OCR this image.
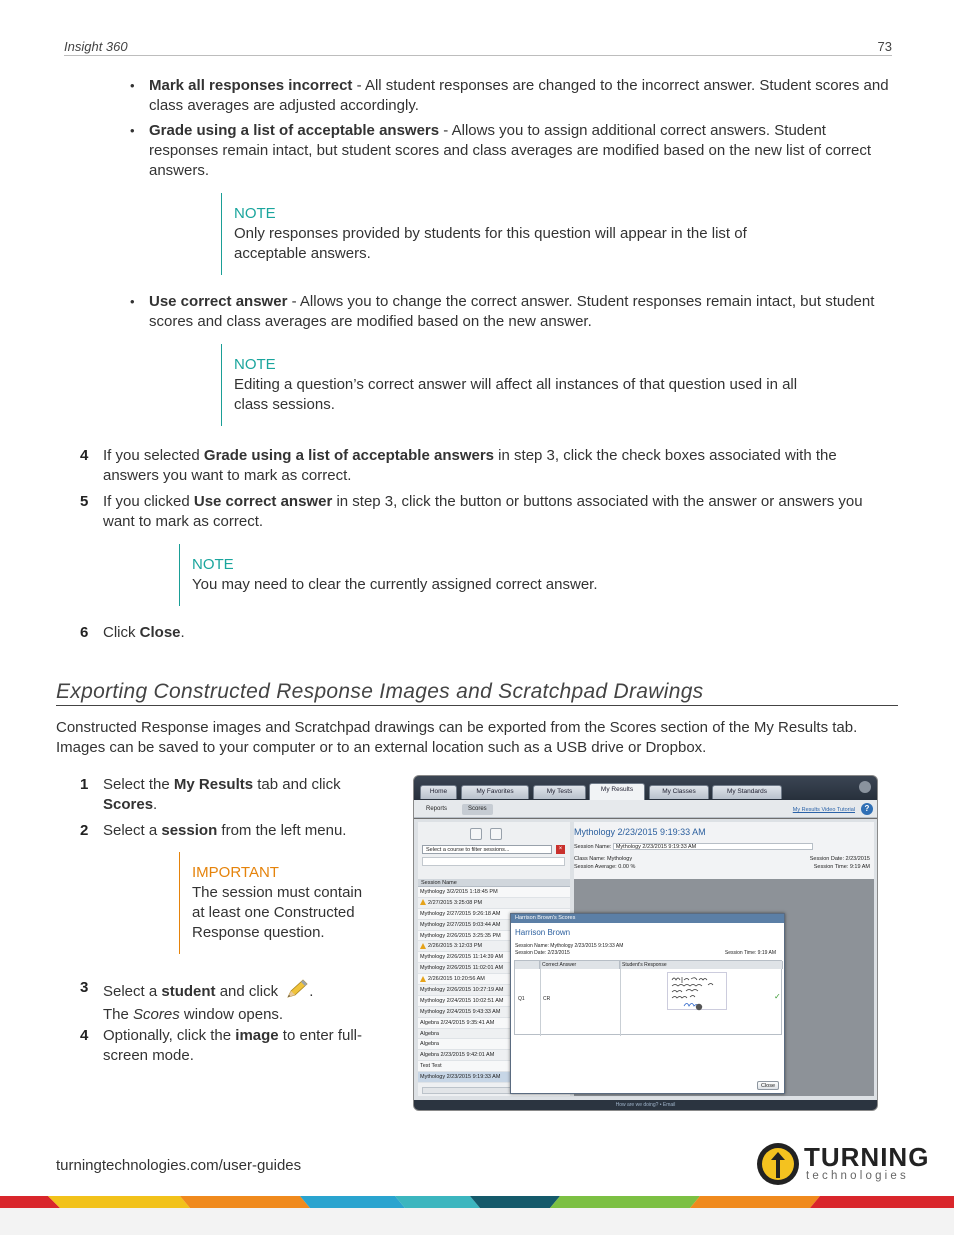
Insight 360	73
• Mark all responses incorrect - All student responses are changed to the incorrect answer. Student scores and class averages are adjusted accordingly.
• Grade using a list of acceptable answers - Allows you to assign additional correct answers. Student responses remain intact, but student scores and class averages are modified based on the new list of correct answers.
NOTE
Only responses provided by students for this question will appear in the list of acceptable answers.
• Use correct answer - Allows you to change the correct answer. Student responses remain intact, but student scores and class averages are modified based on the new answer.
NOTE
Editing a question’s correct answer will affect all instances of that question used in all class sessions.
4 If you selected Grade using a list of acceptable answers in step 3, click the check boxes associated with the answers you want to mark as correct.
5 If you clicked Use correct answer in step 3, click the button or buttons associated with the answer or answers you want to mark as correct.
NOTE
You may need to clear the currently assigned correct answer.
6 Click Close.
Exporting Constructed Response Images and Scratchpad Drawings
Constructed Response images and Scratchpad drawings can be exported from the Scores section of the My Results tab. Images can be saved to your computer or to an external location such as a USB drive or Dropbox.
1 Select the My Results tab and click Scores.
2 Select a session from the left menu.
IMPORTANT
The session must contain at least one Constructed Response question.
3 Select a student and click .
The Scores window opens.
4 Optionally, click the image to enter full-screen mode.
Home	My Favorites	My Tests	My Results	My Classes	My Standards
Reports	Scores	My Results Video Tutorial	?
Select a course to filter sessions...	×
Session Name
Mythology 3/2/2015 1:18:45 PM
2/27/2015 3:25:08 PM
Mythology 2/27/2015 9:26:18 AM
Mythology 2/27/2015 9:03:44 AM
Mythology 2/26/2015 3:25:35 PM
2/26/2015 3:12:03 PM
Mythology 2/26/2015 11:14:39 AM
Mythology 2/26/2015 11:02:01 AM
2/26/2015 10:20:56 AM
Mythology 2/26/2015 10:27:19 AM
Mythology 2/24/2015 10:02:51 AM
Mythology 2/24/2015 9:43:33 AM
Algebra 2/24/2015 9:35:41 AM
Algebra
Algebra
Algebra 2/23/2015 9:42:01 AM
Test Test
Mythology 2/23/2015 9:19:33 AM
Mythology 2/23/2015 9:19:33 AM
Session Name: Mythology 2/23/2015 9:19:33 AM
Class Name: Mythology	Session Date: 2/23/2015
Session Average: 0.00 %	Session Time: 9:19 AM
Harrison Brown's Scores
Harrison Brown
Session Name: Mythology 2/23/2015 9:19:33 AM
Session Date: 2/23/2015	Session Time: 9:19 AM
Correct Answer	Student's Response
Q1	CR	✓
Close
How are we doing? • Email
turningtechnologies.com/user-guides	TURNING
technologies
